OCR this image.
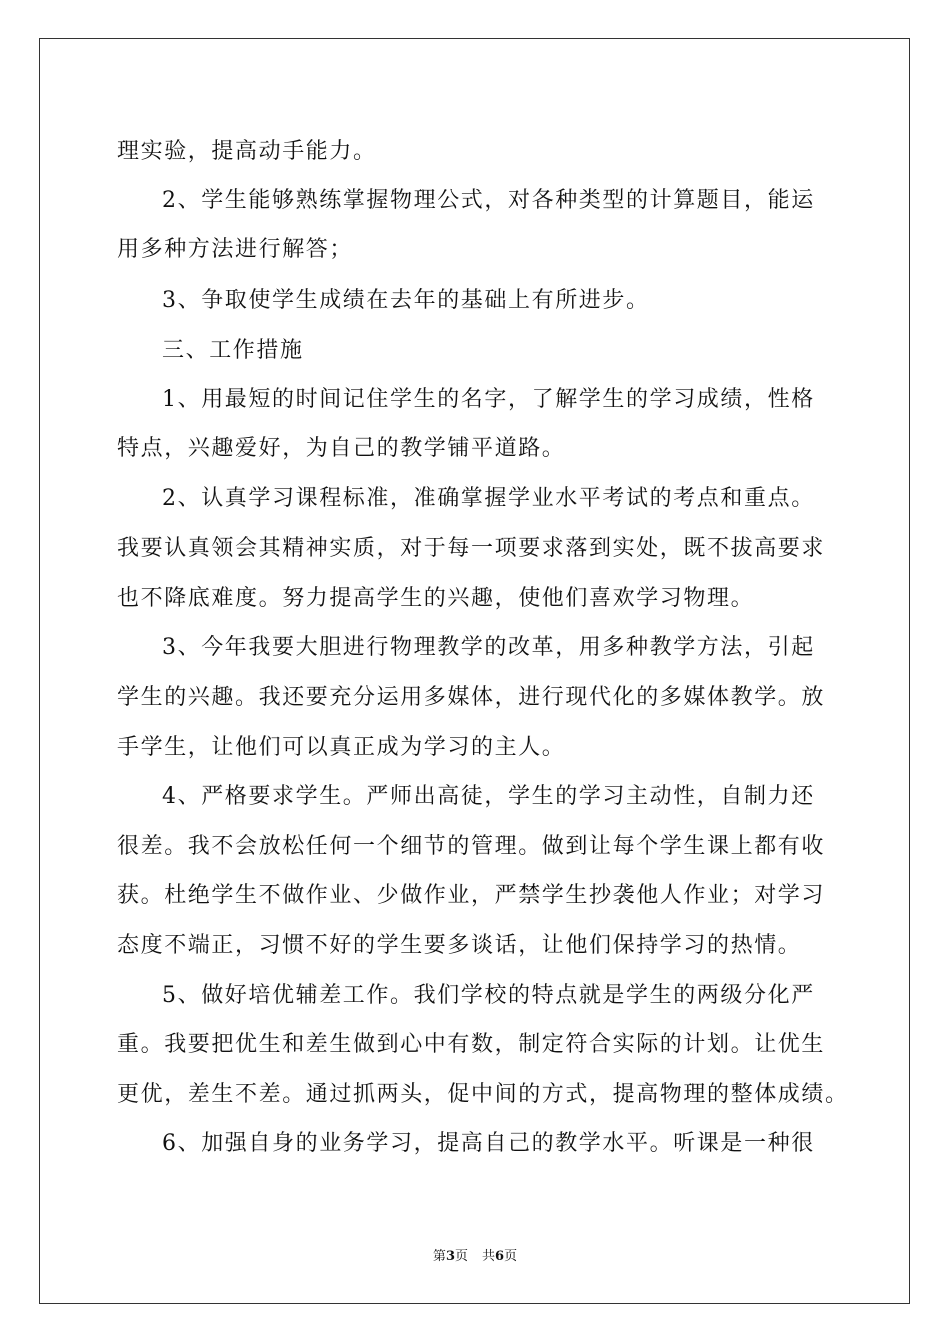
理实验，提高动手能力。
2、学生能够熟练掌握物理公式，对各种类型的计算题目，能运
用多种方法进行解答；
3、争取使学生成绩在去年的基础上有所进步。
三、工作措施
1、用最短的时间记住学生的名字，了解学生的学习成绩，性格
特点，兴趣爱好，为自己的教学铺平道路。
2、认真学习课程标准，准确掌握学业水平考试的考点和重点。
我要认真领会其精神实质，对于每一项要求落到实处，既不拔高要求
也不降底难度。努力提高学生的兴趣，使他们喜欢学习物理。
3、今年我要大胆进行物理教学的改革，用多种教学方法，引起
学生的兴趣。我还要充分运用多媒体，进行现代化的多媒体教学。放
手学生，让他们可以真正成为学习的主人。
4、严格要求学生。严师出高徒，学生的学习主动性，自制力还
很差。我不会放松任何一个细节的管理。做到让每个学生课上都有收
获。杜绝学生不做作业、少做作业，严禁学生抄袭他人作业；对学习
态度不端正，习惯不好的学生要多谈话，让他们保持学习的热情。
5、做好培优辅差工作。我们学校的特点就是学生的两级分化严
重。我要把优生和差生做到心中有数，制定符合实际的计划。让优生
更优，差生不差。通过抓两头，促中间的方式，提高物理的整体成绩。
6、加强自身的业务学习，提高自己的教学水平。听课是一种很
第3页 共6页
